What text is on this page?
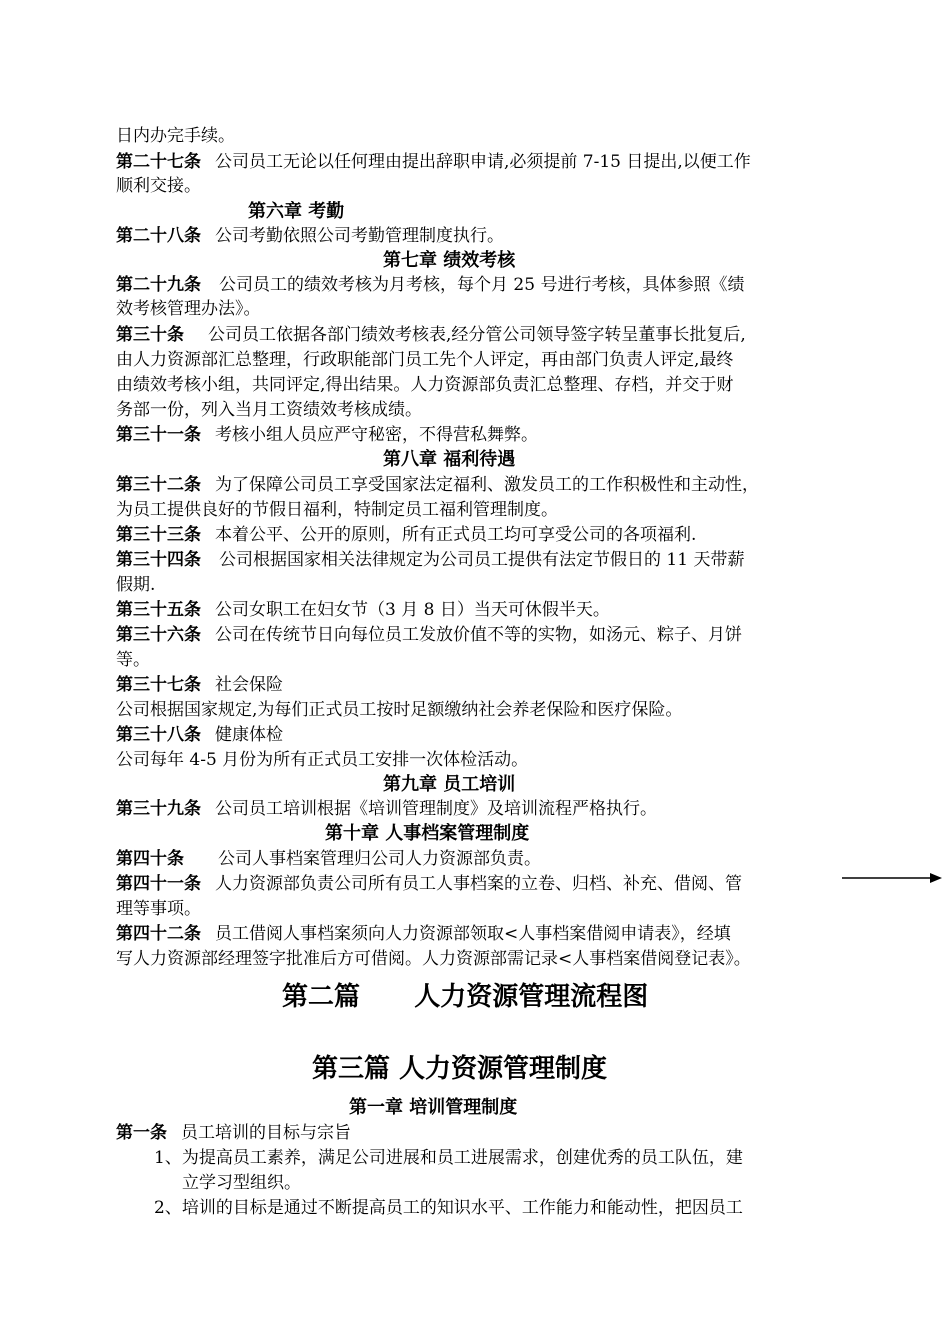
日内办完手续。
第二十七条 公司员工无论以任何理由提出辞职申请,必须提前 7-15 日提出,以便工作
顺利交接。
第六章 考勤
第二十八条 公司考勤依照公司考勤管理制度执行。
第七章 绩效考核
第二十九条 公司员工的绩效考核为月考核，每个月 25 号进行考核，具体参照《绩
效考核管理办法》。
第三十条 公司员工依据各部门绩效考核表,经分管公司领导签字转呈董事长批复后,
由人力资源部汇总整理，行政职能部门员工先个人评定，再由部门负责人评定,最终
由绩效考核小组，共同评定,得出结果。人力资源部负责汇总整理、存档，并交于财
务部一份，列入当月工资绩效考核成绩。
第三十一条 考核小组人员应严守秘密，不得营私舞弊。
第八章 福利待遇
第三十二条 为了保障公司员工享受国家法定福利、激发员工的工作积极性和主动性，
为员工提供良好的节假日福利，特制定员工福利管理制度。
第三十三条 本着公平、公开的原则，所有正式员工均可享受公司的各项福利.
第三十四条 公司根据国家相关法律规定为公司员工提供有法定节假日的 11 天带薪
假期.
第三十五条 公司女职工在妇女节（3 月 8 日）当天可休假半天。
第三十六条 公司在传统节日向每位员工发放价值不等的实物，如汤元、粽子、月饼
等。
第三十七条 社会保险
公司根据国家规定,为每们正式员工按时足额缴纳社会养老保险和医疗保险。
第三十八条 健康体检
公司每年 4-5 月份为所有正式员工安排一次体检活动。
第九章 员工培训
第三十九条 公司员工培训根据《培训管理制度》及培训流程严格执行。
第十章 人事档案管理制度
第四十条 公司人事档案管理归公司人力资源部负责。
第四十一条 人力资源部负责公司所有员工人事档案的立卷、归档、补充、借阅、管
理等事项。
第四十二条 员工借阅人事档案须向人力资源部领取<人事档案借阅申请表》，经填
写人力资源部经理签字批准后方可借阅。人力资源部需记录<人事档案借阅登记表》。
第二篇      人力资源管理流程图
第三篇 人力资源管理制度
第一章 培训管理制度
第一条 员工培训的目标与宗旨
1、为提高员工素养，满足公司进展和员工进展需求，创建优秀的员工队伍，建
立学习型组织。
2、培训的目标是通过不断提高员工的知识水平、工作能力和能动性，把因员工
